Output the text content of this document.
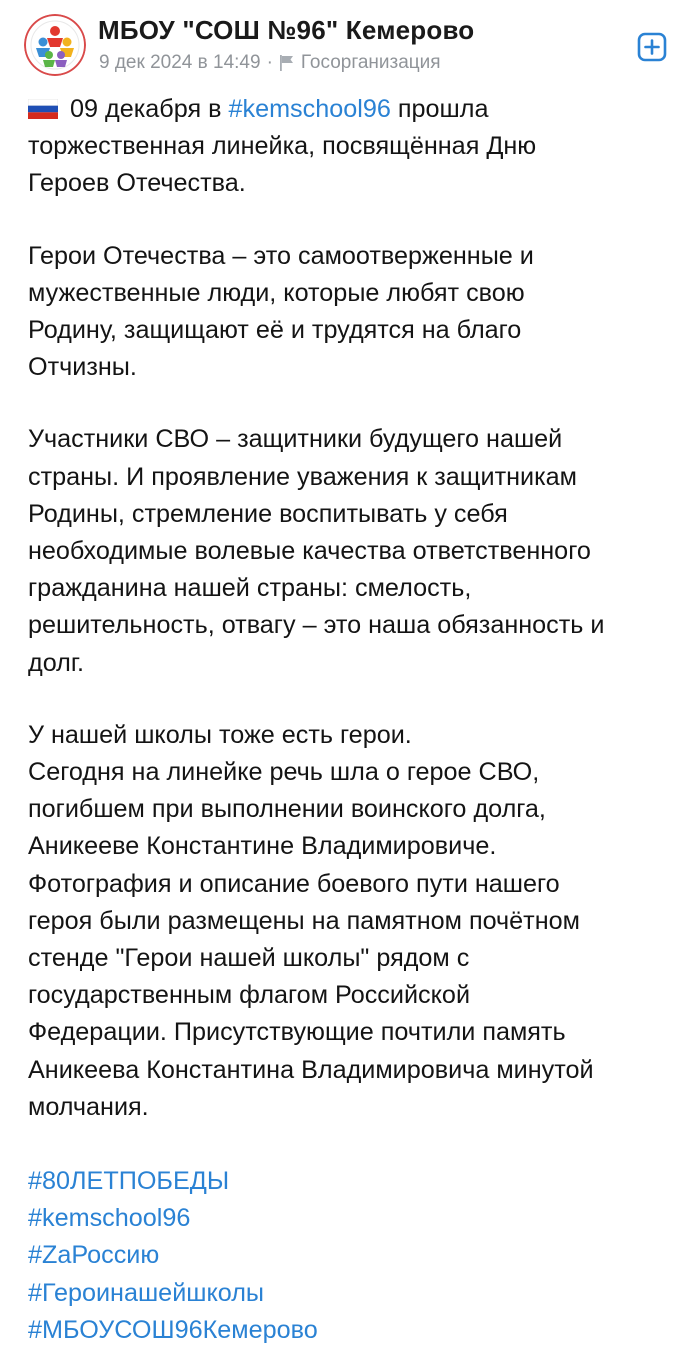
МБОУ "СОШ №96" Кемерово
9 дек 2024 в 14:49 · Госорганизация

09 декабря в #kemschool96 прошла
торжественная линейка, посвящённая Дню
Героев Отечества.

Герои Отечества – это самоотверженные и
мужественные люди, которые любят свою
Родину, защищают её и трудятся на благо
Отчизны.

Участники СВО – защитники будущего нашей
страны. И проявление уважения к защитникам
Родины, стремление воспитывать у себя
необходимые волевые качества ответственного
гражданина нашей страны: смелость,
решительность, отвагу – это наша обязанность и
долг.

У нашей школы тоже есть герои.
Сегодня на линейке речь шла о герое СВО,
погибшем при выполнении воинского долга,
Аникееве Константине Владимировиче.
Фотография и описание боевого пути нашего
героя были размещены на памятном почётном
стенде "Герои нашей школы" рядом с
государственным флагом Российской
Федерации. Присутствующие почтили память
Аникеева Константина Владимировича минутой
молчания.

#80ЛЕТПОБЕДЫ
#kemschool96
#ZaРоссию
#Героинашейшколы
#МБОУСОШ96Кемерово
